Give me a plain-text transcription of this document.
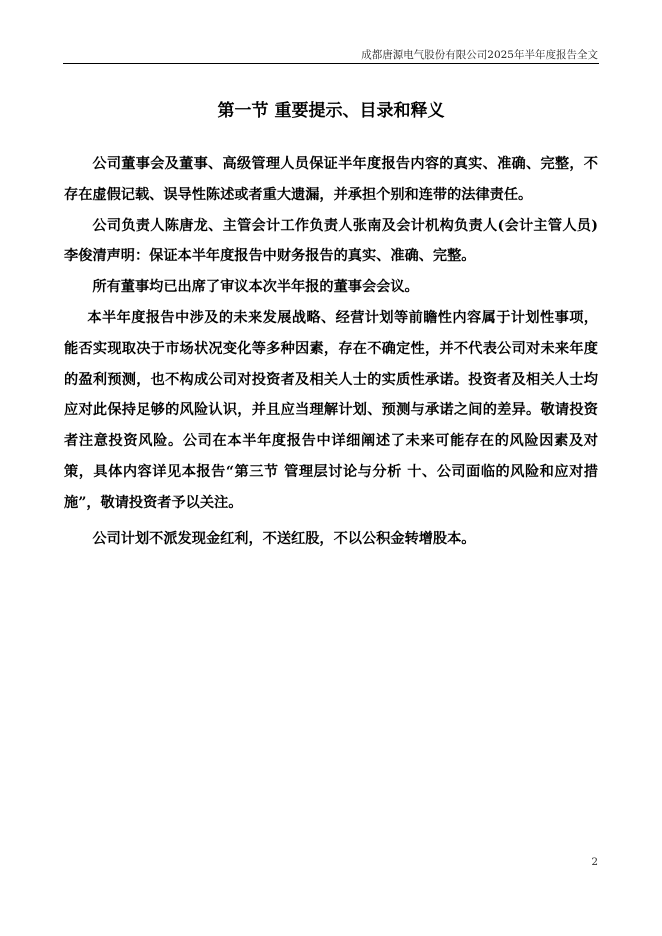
成都唐源电气股份有限公司2025年半年度报告全文
第一节 重要提示、目录和释义

公司董事会及董事、高级管理人员保证半年度报告内容的真实、准确、完整，不存在虚假记载、误导性陈述或者重大遗漏，并承担个别和连带的法律责任。

公司负责人陈唐龙、主管会计工作负责人张南及会计机构负责人(会计主管人员)李俊清声明：保证本半年度报告中财务报告的真实、准确、完整。

所有董事均已出席了审议本次半年报的董事会会议。

本半年度报告中涉及的未来发展战略、经营计划等前瞻性内容属于计划性事项，能否实现取决于市场状况变化等多种因素，存在不确定性，并不代表公司对未来年度的盈利预测，也不构成公司对投资者及相关人士的实质性承诺。投资者及相关人士均应对此保持足够的风险认识，并且应当理解计划、预测与承诺之间的差异。敬请投资者注意投资风险。公司在本半年度报告中详细阐述了未来可能存在的风险因素及对策，具体内容详见本报告“第三节 管理层讨论与分析 十、公司面临的风险和应对措施”，敬请投资者予以关注。

公司计划不派发现金红利，不送红股，不以公积金转增股本。

2
